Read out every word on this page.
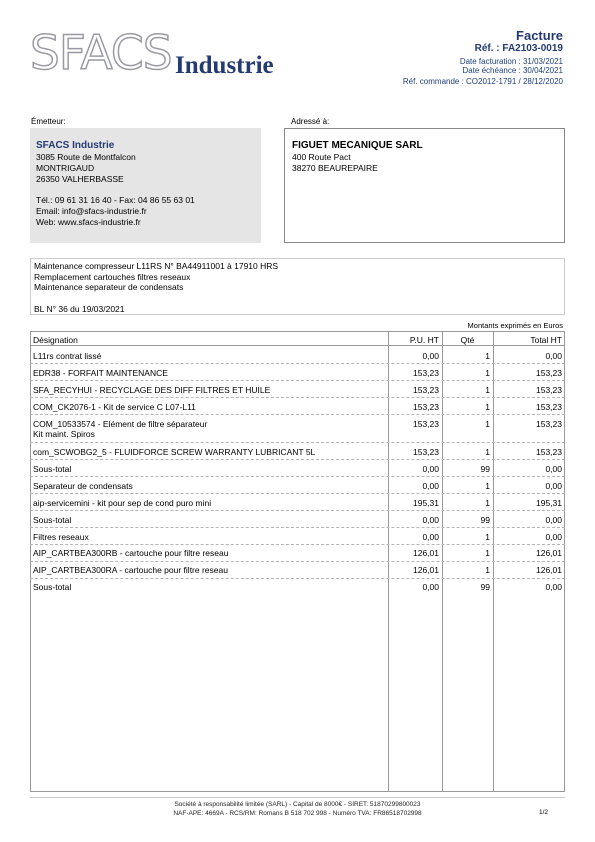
SFACS Industrie
Facture
Réf. : FA2103-0019
Date facturation : 31/03/2021
Date échéance : 30/04/2021
Réf. commande : CO2012-1791 / 28/12/2020
Émetteur:
SFACS Industrie
3085 Route de Montfalcon
MONTRIGAUD
26350 VALHERBASSE
Tél.: 09 61 31 16 40 - Fax: 04 86 55 63 01
Email: info@sfacs-industrie.fr
Web: www.sfacs-industrie.fr
Adressé à:
FIGUET MECANIQUE SARL
400 Route Pact
38270 BEAUREPAIRE
Maintenance compresseur L11RS N° BA44911001 à 17910 HRS
Remplacement cartouches filtres reseaux
Maintenance separateur de condensats
BL N° 36 du 19/03/2021
Montants exprimés en Euros
Désignation	P.U. HT	Qté	Total HT
L11rs contrat lissé	0,00	1	0,00
EDR38 - FORFAIT MAINTENANCE	153,23	1	153,23
SFA_RECYHUI - RECYCLAGE DES DIFF FILTRES ET HUILE	153,23	1	153,23
COM_CK2076-1 - Kit de service C L07-L11	153,23	1	153,23
COM_10533574 - Elément de filtre séparateur
Kit maint. Spiros
153,23	1	153,23
com_SCWOBG2_5 - FLUIDFORCE SCREW WARRANTY LUBRICANT 5L	153,23	1	153,23
Sous-total	0,00	99	0,00
Separateur de condensats	0,00	1	0,00
aip-servicemini - kit pour sep de cond puro mini	195,31	1	195,31
Sous-total	0,00	99	0,00
Filtres reseaux	0,00	1	0,00
AIP_CARTBEA300RB - cartouche pour filtre reseau	126,01	1	126,01
AIP_CARTBEA300RA - cartouche pour filtre reseau	126,01	1	126,01
Sous-total	0,00	99	0,00
Société à responsabilité limitée (SARL) - Capital de 8000€ - SIRET: 51870299800023
NAF-APE: 4669A - RCS/RM: Romans B 518 702 998 - Numéro TVA: FR86518702998	1/2
